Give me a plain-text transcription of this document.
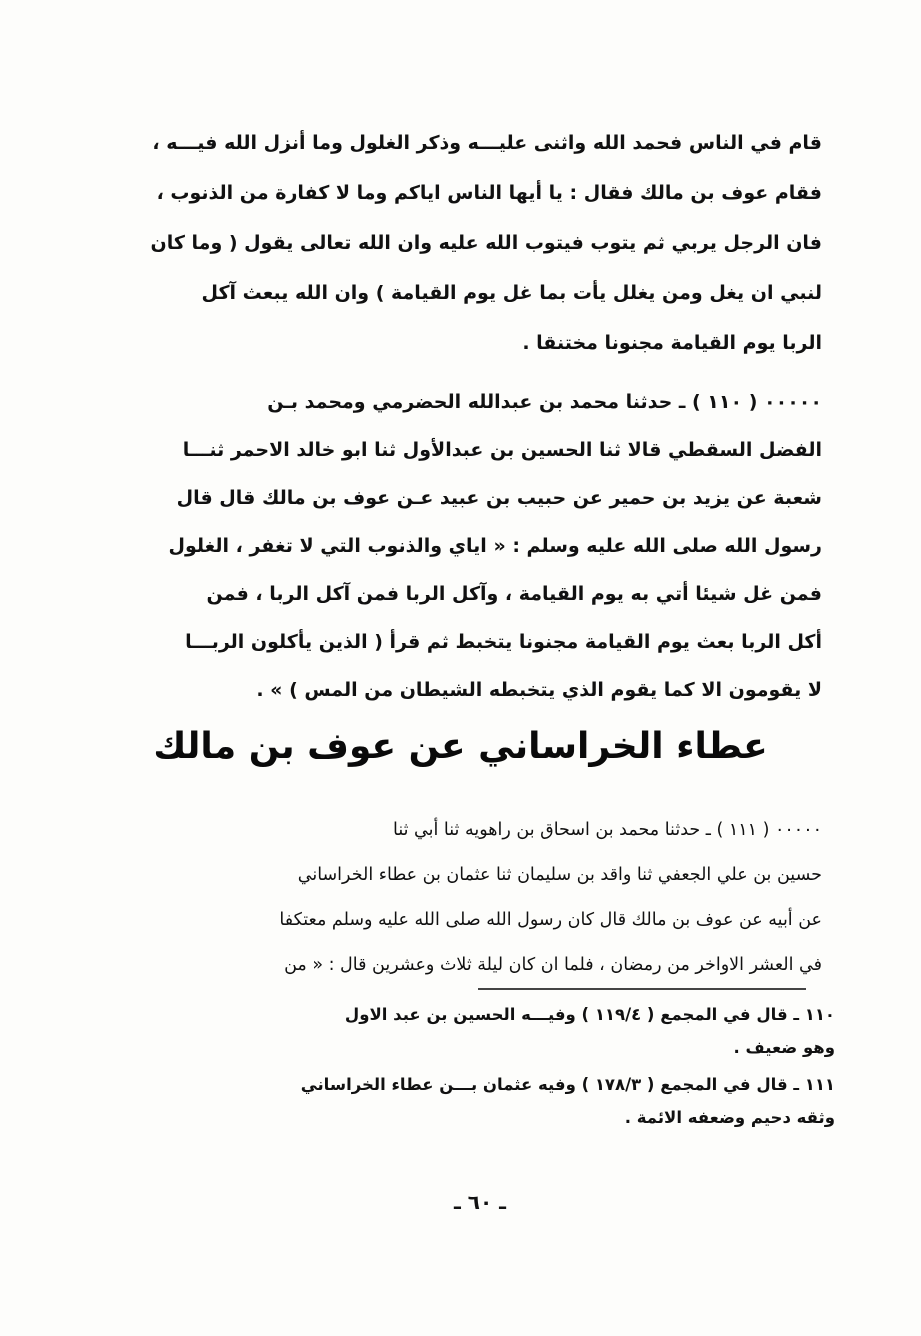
قام في الناس فحمد الله واثنى عليـــه وذكر الغلول وما أنزل الله فيـــه ،
فقام عوف بن مالك فقال : يا أيها الناس اياكم وما لا كفارة من الذنوب ،
فان الرجل يربي ثم يتوب فيتوب الله عليه وان الله تعالى يقول ( وما كان
لنبي ان يغل ومن يغلل يأت بما غل يوم القيامة ) وان الله يبعث آكل
الربا يوم القيامة مجنونا مختنقا .
٠٠٠٠٠ ( ١١٠ ) ـ حدثنا محمد بن عبدالله الحضرمي ومحمد بـن
الفضل السقطي قالا ثنا الحسين بن عبدالأول ثنا ابو خالد الاحمر ثنـــا
شعبة عن يزيد بن حمير عن حبيب بن عبيد عـن عوف بن مالك قال قال
رسول الله صلى الله عليه وسلم : « اياي والذنوب التي لا تغفر ، الغلول
فمن غل شيئا أتي به يوم القيامة ، وآكل الربا فمن آكل الربا ، فمن
أكل الربا بعث يوم القيامة مجنونا يتخبط ثم قرأ ( الذين يأكلون الربـــا
لا يقومون الا كما يقوم الذي يتخبطه الشيطان من المس ) » .
عطاء الخراساني عن عوف بن مالك
٠٠٠٠٠ ( ١١١ ) ـ حدثنا محمد بن اسحاق بن راهويه ثنا أبي ثنا
حسين بن علي الجعفي ثنا واقد بن سليمان ثنا عثمان بن عطاء الخراساني
عن أبيه عن عوف بن مالك قال كان رسول الله صلى الله عليه وسلم معتكفا
في العشر الاواخر من رمضان ، فلما ان كان ليلة ثلاث وعشرين قال : « من
١١٠ ـ قال في المجمع ( ١١٩/٤ ) وفيـــه الحسين بن عبد الاول
وهو ضعيف .
١١١ ـ قال في المجمع ( ١٧٨/٣ ) وفيه عثمان بـــن عطاء الخراساني
وثقه دحيم وضعفه الائمة .
ـ ٦٠ ـ
